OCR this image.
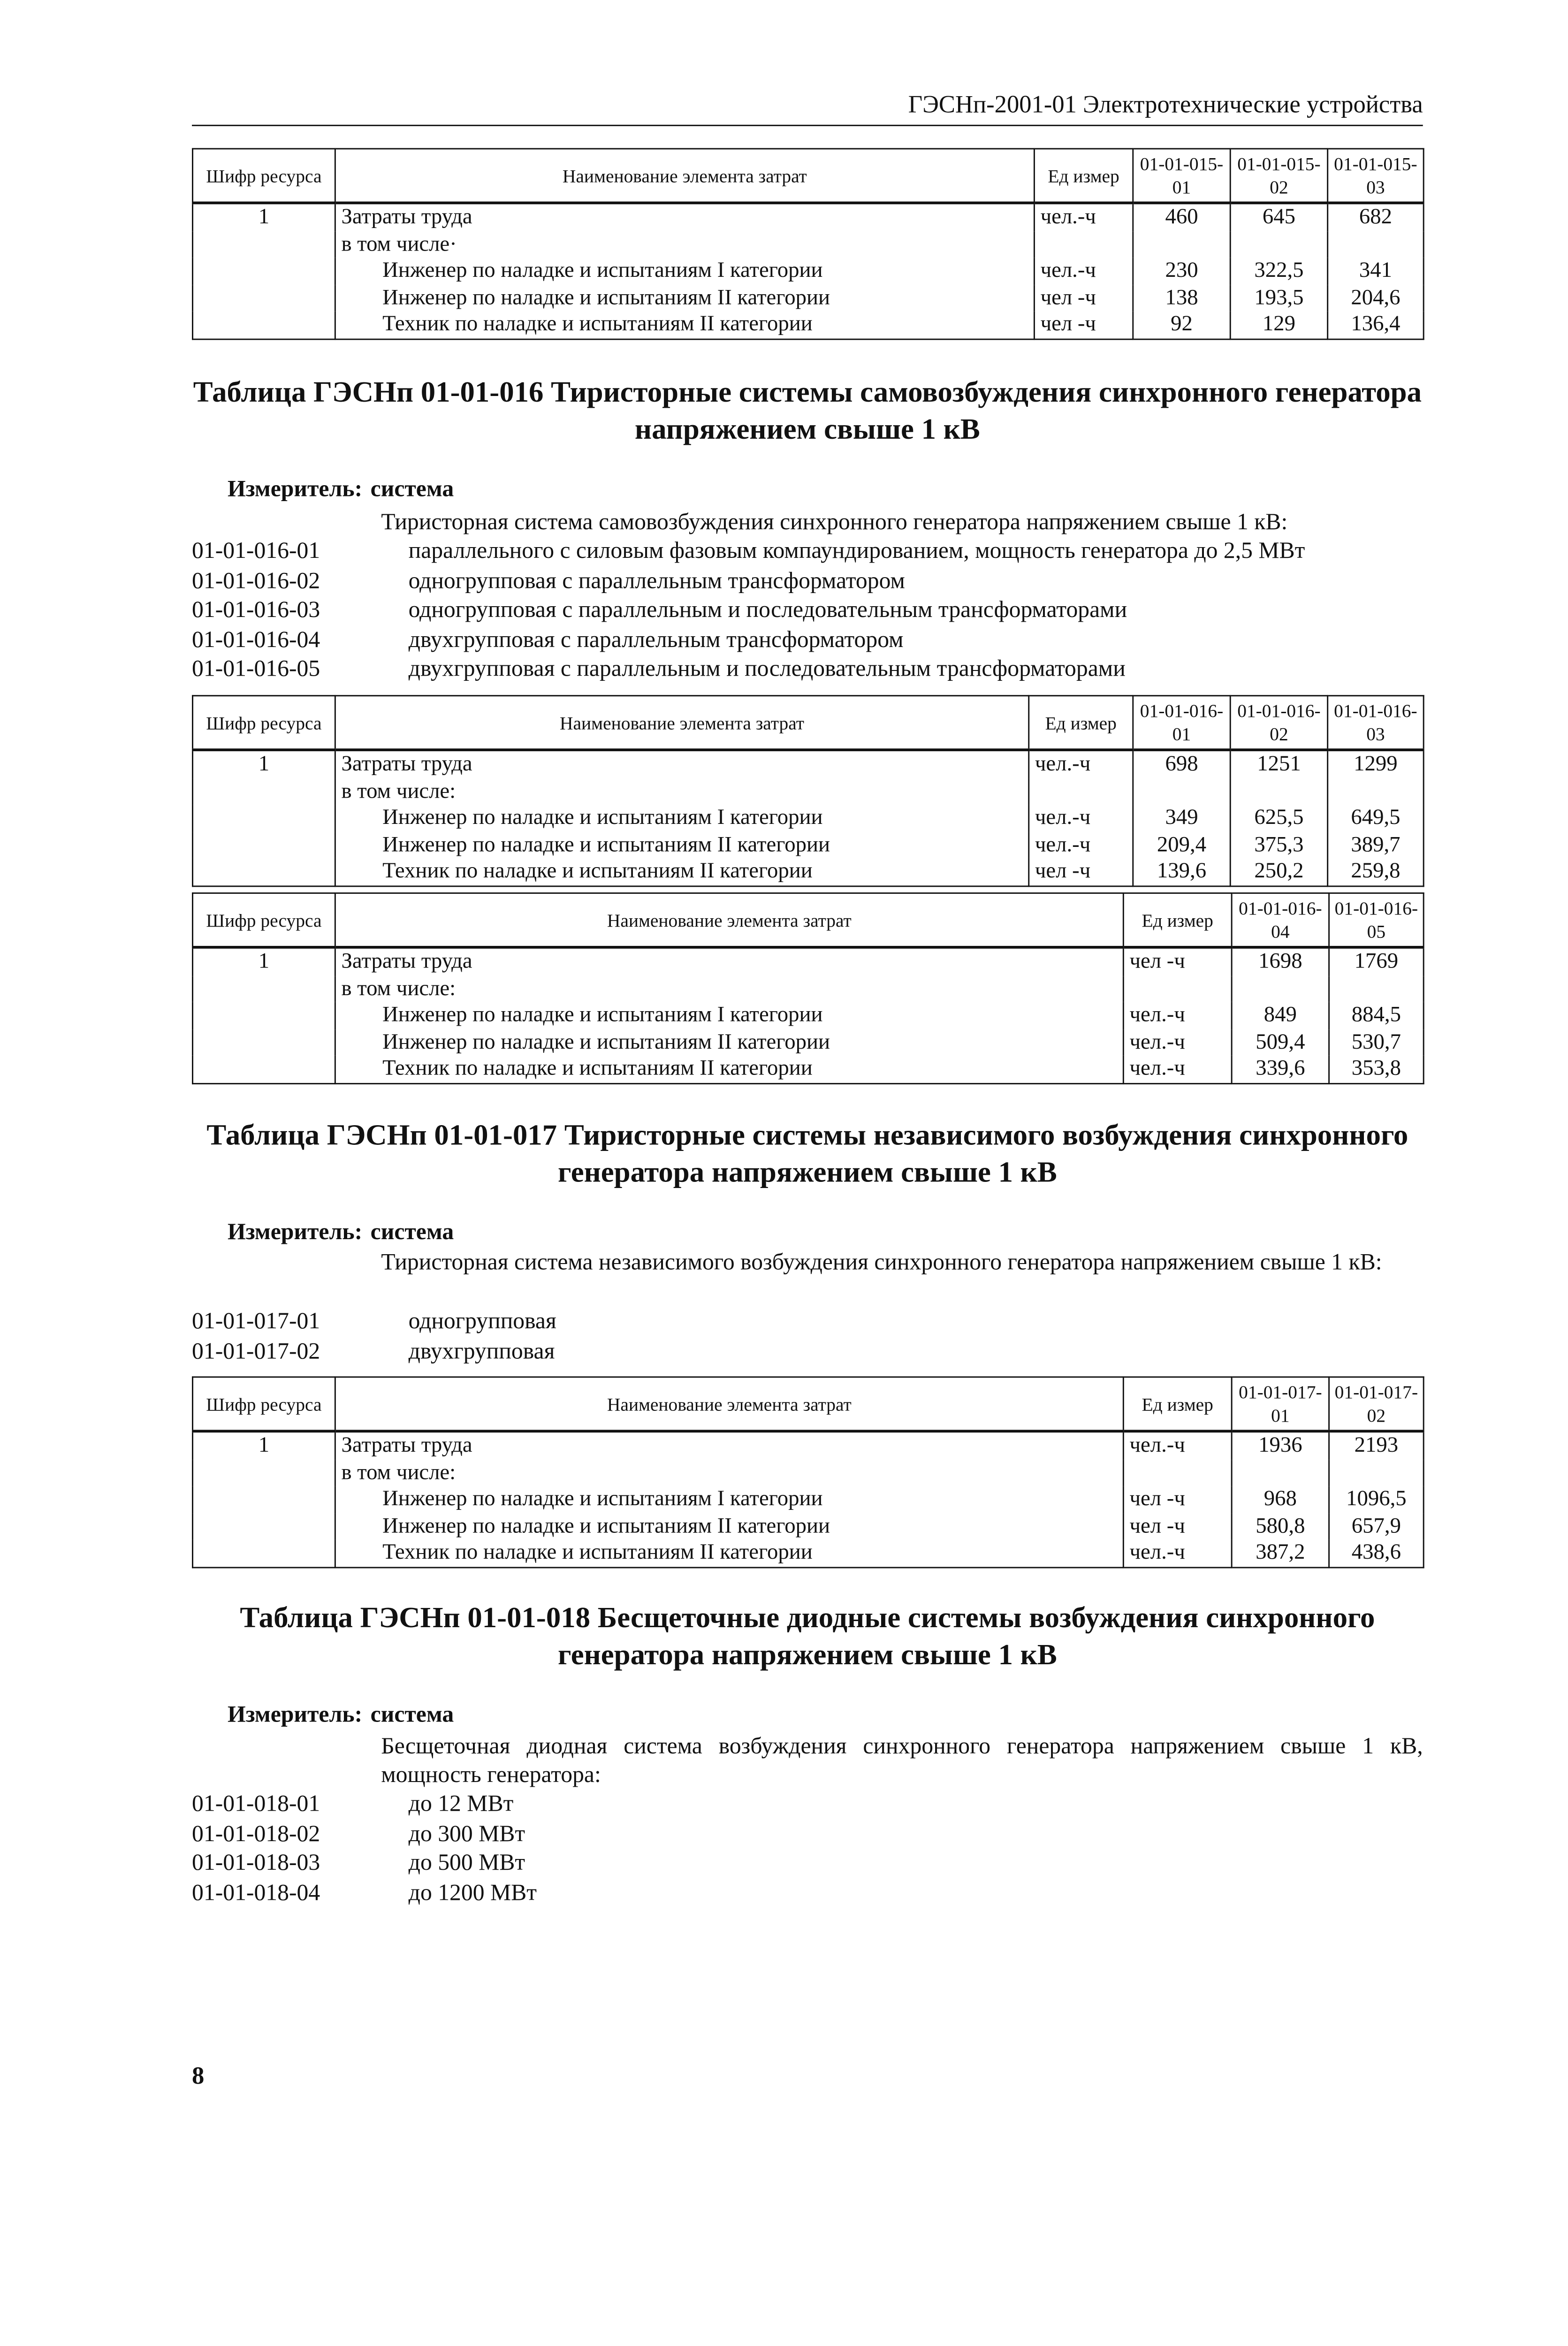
ГЭСНп-2001-01 Электротехнические устройства
Шифр ресурса	Наименование элемента затрат	Ед измер	01-01-015-01	01-01-015-02	01-01-015-03
1	Затраты труда	чел.-ч	460	645	682
	в том числе·				
	Инженер по наладке и испытаниям I категории	чел.-ч	230	322,5	341
	Инженер по наладке и испытаниям II категории	чел -ч	138	193,5	204,6
	Техник по наладке и испытаниям II категории	чел -ч	92	129	136,4
Таблица ГЭСНп 01-01-016 Тиристорные системы самовозбуждения синхронного генератора напряжением свыше 1 кВ
Измеритель: система
Тиристорная система самовозбуждения синхронного генератора напряжением свыше 1 кВ:
01-01-016-01	параллельного с силовым фазовым компаундированием, мощность генератора до 2,5 МВт
01-01-016-02	одногрупповая с параллельным трансформатором
01-01-016-03	одногрупповая с параллельным и последовательным трансформаторами
01-01-016-04	двухгрупповая с параллельным трансформатором
01-01-016-05	двухгрупповая с параллельным и последовательным трансформаторами
Шифр ресурса	Наименование элемента затрат	Ед измер	01-01-016-01	01-01-016-02	01-01-016-03
1	Затраты труда	чел.-ч	698	1251	1299
	в том числе:				
	Инженер по наладке и испытаниям I категории	чел.-ч	349	625,5	649,5
	Инженер по наладке и испытаниям II категории	чел.-ч	209,4	375,3	389,7
	Техник по наладке и испытаниям II категории	чел -ч	139,6	250,2	259,8
Шифр ресурса	Наименование элемента затрат	Ед измер	01-01-016-04	01-01-016-05
1	Затраты труда	чел -ч	1698	1769
	в том числе:			
	Инженер по наладке и испытаниям I категории	чел.-ч	849	884,5
	Инженер по наладке и испытаниям II категории	чел.-ч	509,4	530,7
	Техник по наладке и испытаниям II категории	чел.-ч	339,6	353,8
Таблица ГЭСНп 01-01-017 Тиристорные системы независимого возбуждения синхронного генератора напряжением свыше 1 кВ
Измеритель: система
Тиристорная система независимого возбуждения синхронного генератора напряжением свыше 1 кВ:
01-01-017-01	одногрупповая
01-01-017-02	двухгрупповая
Шифр ресурса	Наименование элемента затрат	Ед измер	01-01-017-01	01-01-017-02
1	Затраты труда	чел.-ч	1936	2193
	в том числе:			
	Инженер по наладке и испытаниям I категории	чел -ч	968	1096,5
	Инженер по наладке и испытаниям II категории	чел -ч	580,8	657,9
	Техник по наладке и испытаниям II категории	чел.-ч	387,2	438,6
Таблица ГЭСНп 01-01-018 Бесщеточные диодные системы возбуждения синхронного генератора напряжением свыше 1 кВ
Измеритель: система
Бесщеточная диодная система возбуждения синхронного генератора напряжением свыше 1 кВ, мощность генератора:
01-01-018-01	до 12 МВт
01-01-018-02	до 300 МВт
01-01-018-03	до 500 МВт
01-01-018-04	до 1200 МВт
8
